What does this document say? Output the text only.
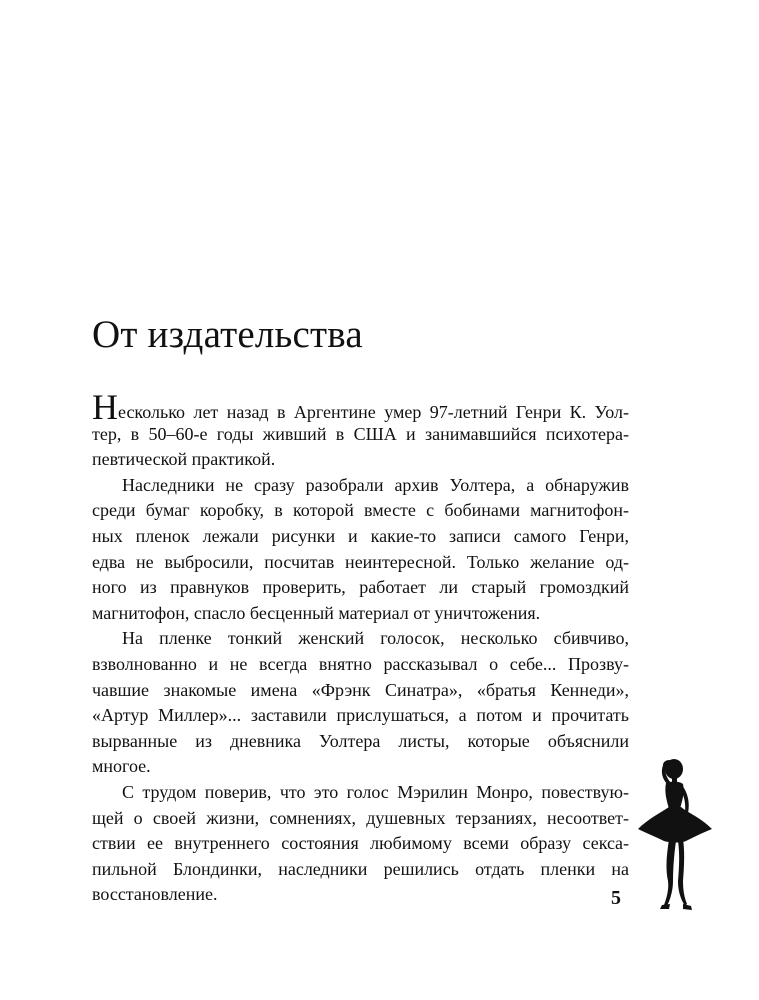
От издательства
Несколько лет назад в Аргентине умер 97-летний Генри К. Уол-
тер, в 50–60-е годы живший в США и занимавшийся психотера-
певтической практикой.
Наследники не сразу разобрали архив Уолтера, а обнаружив
среди бумаг коробку, в которой вместе с бобинами магнитофон-
ных пленок лежали рисунки и какие-то записи самого Генри,
едва не выбросили, посчитав неинтересной. Только желание од-
ного из правнуков проверить, работает ли старый громоздкий
магнитофон, спасло бесценный материал от уничтожения.
На пленке тонкий женский голосок, несколько сбивчиво,
взволнованно и не всегда внятно рассказывал о себе... Прозву-
чавшие знакомые имена «Фрэнк Синатра», «братья Кеннеди»,
«Артур Миллер»... заставили прислушаться, а потом и прочитать
вырванные из дневника Уолтера листы, которые объяснили
многое.
С трудом поверив, что это голос Мэрилин Монро, повествую-
щей о своей жизни, сомнениях, душевных терзаниях, несоответ-
ствии ее внутреннего состояния любимому всеми образу сексa-
пильной Блондинки, наследники решились отдать пленки на
восстановление.	5
